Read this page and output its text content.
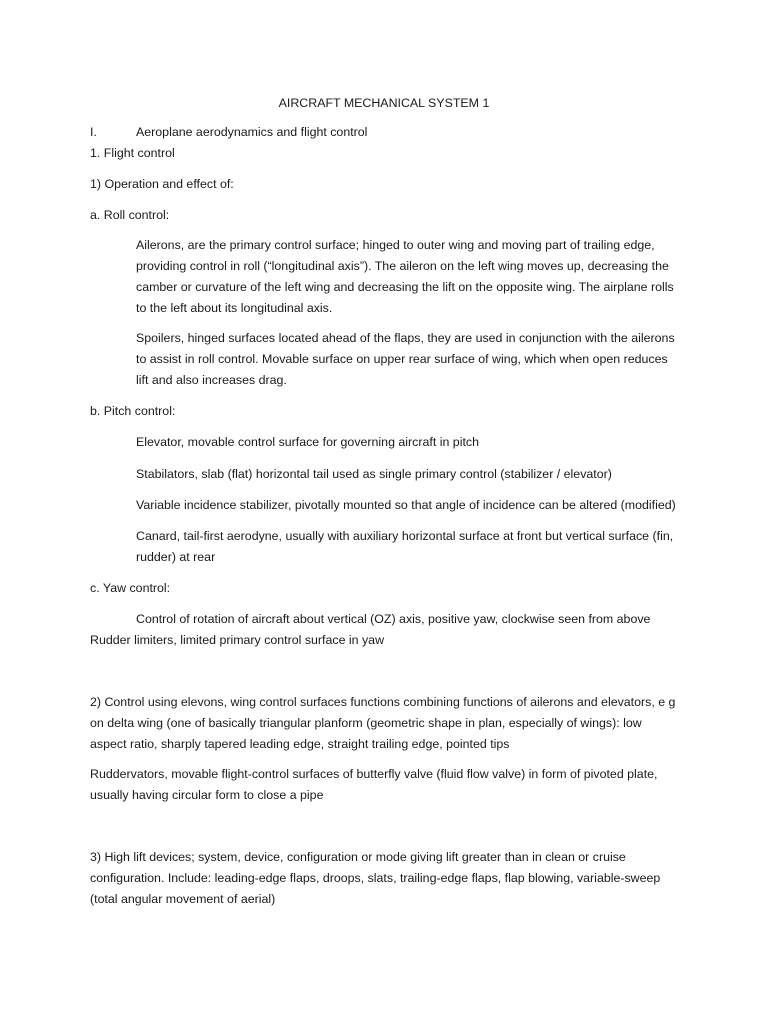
AIRCRAFT MECHANICAL SYSTEM 1
I.	Aeroplane aerodynamics and flight control
1. Flight control
1) Operation and effect of:
a. Roll control:
Ailerons, are the primary control surface; hinged to outer wing and moving part of trailing edge, providing control in roll (“longitudinal axis”). The aileron on the left wing moves up, decreasing the camber or curvature of the left wing and decreasing the lift on the opposite wing. The airplane rolls to the left about its longitudinal axis.
Spoilers, hinged surfaces located ahead of the flaps, they are used in conjunction with the ailerons to assist in roll control. Movable surface on upper rear surface of wing, which when open reduces lift and also increases drag.
b. Pitch control:
Elevator, movable control surface for governing aircraft in pitch
Stabilators, slab (flat) horizontal tail used as single primary control (stabilizer / elevator)
Variable incidence stabilizer, pivotally mounted so that angle of incidence can be altered (modified)
Canard, tail-first aerodyne, usually with auxiliary horizontal surface at front but vertical surface (fin, rudder) at rear
c. Yaw control:
Control of rotation of aircraft about vertical (OZ) axis, positive yaw, clockwise seen from above
Rudder limiters, limited primary control surface in yaw
2) Control using elevons, wing control surfaces functions combining functions of ailerons and elevators, e g on delta wing (one of basically triangular planform (geometric shape in plan, especially of wings): low aspect ratio, sharply tapered leading edge, straight trailing edge, pointed tips
Ruddervators, movable flight-control surfaces of butterfly valve (fluid flow valve) in form of pivoted plate, usually having circular form to close a pipe
3) High lift devices; system, device, configuration or mode giving lift greater than in clean or cruise configuration. Include: leading-edge flaps, droops, slats, trailing-edge flaps, flap blowing, variable-sweep (total angular movement of aerial)
